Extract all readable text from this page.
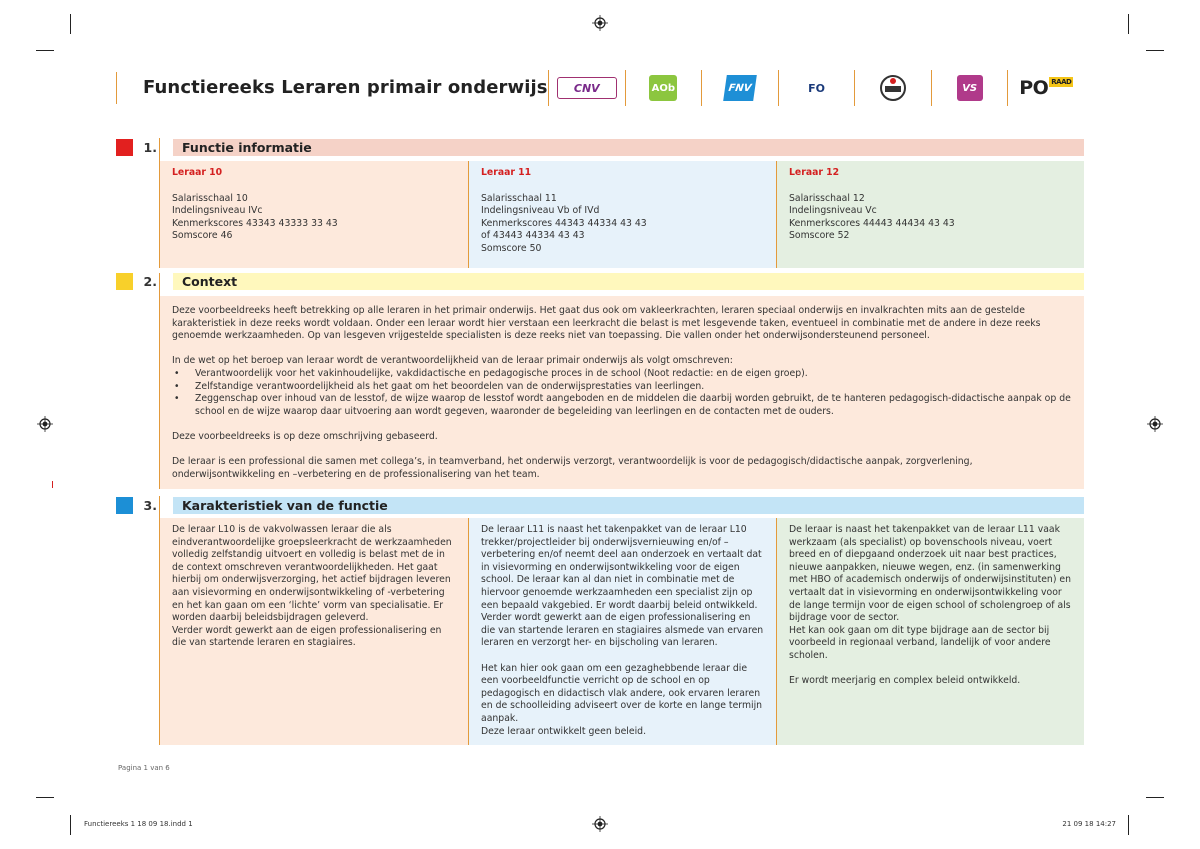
Functiereeks Leraren primair onderwijs	CNV	AOb	FNV	FO	VS PO RAAD
1.	Functie informatie
Leraar 10
Salarisschaal 10
Indelingsniveau IVc
Kenmerkscores 43343 43333 33 43
Somscore 46
Leraar 11
Salarisschaal 11
Indelingsniveau Vb of IVd
Kenmerkscores 44343 44334 43 43
of 43443 44334 43 43
Somscore 50
Leraar 12
Salarisschaal 12
Indelingsniveau Vc
Kenmerkscores 44443 44434 43 43
Somscore 52
2.	Context

Deze voorbeeldreeks heeft betrekking op alle leraren in het primair onderwijs. Het gaat dus ook om vakleerkrachten, leraren speciaal onderwijs en invalkrachten mits aan de gestelde karakteristiek in deze reeks wordt voldaan. Onder een leraar wordt hier verstaan een leerkracht die belast is met lesgevende taken, eventueel in combinatie met de andere in deze reeks genoemde werkzaamheden. Op van lesgeven vrijgestelde specialisten is deze reeks niet van toepassing. Die vallen onder het onderwijsondersteunend personeel.

In de wet op het beroep van leraar wordt de verantwoordelijkheid van de leraar primair onderwijs als volgt omschreven:
• Verantwoordelijk voor het vakinhoudelijke, vakdidactische en pedagogische proces in de school (Noot redactie: en de eigen groep).
• Zelfstandige verantwoordelijkheid als het gaat om het beoordelen van de onderwijsprestaties van leerlingen.
• Zeggenschap over inhoud van de lesstof, de wijze waarop de lesstof wordt aangeboden en de middelen die daarbij worden gebruikt, de te hanteren pedagogisch-didactische aanpak op de school en de wijze waarop daar uitvoering aan wordt gegeven, waaronder de begeleiding van leerlingen en de contacten met de ouders.

Deze voorbeeldreeks is op deze omschrijving gebaseerd.

De leraar is een professional die samen met collega’s, in teamverband, het onderwijs verzorgt, verantwoordelijk is voor de pedagogisch/didactische aanpak, zorgverlening, onderwijsontwikkeling en –verbetering en de professionalisering van het team.

3.	Karakteristiek van de functie
De leraar L10 is de vakvolwassen leraar die als eindverantwoordelijke groepsleerkracht de werkzaamheden volledig zelfstandig uitvoert en volledig is belast met de in de context omschreven verantwoordelijkheden. Het gaat hierbij om onderwijsverzorging, het actief bijdragen leveren aan visievorming en onderwijsontwikkeling of -verbetering en het kan gaan om een ‘lichte’ vorm van specialisatie. Er worden daarbij beleidsbijdragen geleverd.
Verder wordt gewerkt aan de eigen professionalisering en die van startende leraren en stagiaires.
De leraar L11 is naast het takenpakket van de leraar L10 trekker/projectleider bij onderwijsvernieuwing en/of –verbetering en/of neemt deel aan onderzoek en vertaalt dat in visievorming en onderwijsontwikkeling voor de eigen school. De leraar kan al dan niet in combinatie met de hiervoor genoemde werkzaamheden een specialist zijn op een bepaald vakgebied. Er wordt daarbij beleid ontwikkeld. Verder wordt gewerkt aan de eigen professionalisering en die van startende leraren en stagiaires alsmede van ervaren leraren en verzorgt her- en bijscholing van leraren.
Het kan hier ook gaan om een gezaghebbende leraar die een voorbeeldfunctie verricht op de school en op pedagogisch en didactisch vlak andere, ook ervaren leraren en de schoolleiding adviseert over de korte en lange termijn aanpak.
Deze leraar ontwikkelt geen beleid.
De leraar is naast het takenpakket van de leraar L11 vaak werkzaam (als specialist) op bovenschools niveau, voert breed en of diepgaand onderzoek uit naar best practices, nieuwe aanpakken, nieuwe wegen, enz. (in samenwerking met HBO of academisch onderwijs of onderwijsinstituten) en vertaalt dat in visievorming en onderwijsontwikkeling voor de lange termijn voor de eigen school of scholengroep of als bijdrage voor de sector.
Het kan ook gaan om dit type bijdrage aan de sector bij voorbeeld in regionaal verband, landelijk of voor andere scholen.
Er wordt meerjarig en complex beleid ontwikkeld.
Pagina 1 van 6
Functiereeks 1 18 09 18.indd 1	21 09 18 14:27
